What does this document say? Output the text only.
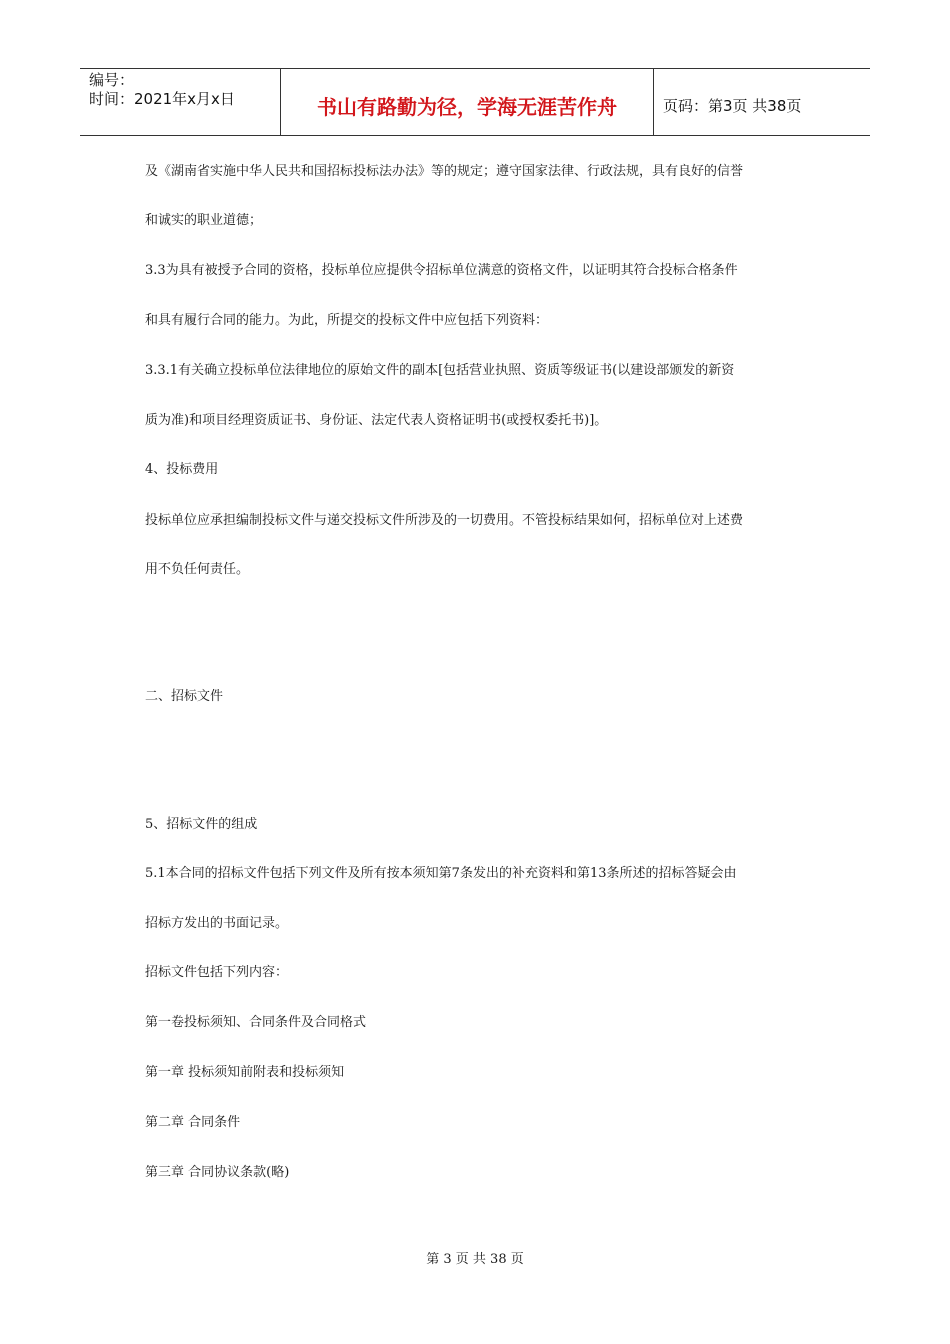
编号：
时间：2021年x月x日	书山有路勤为径，学海无涯苦作舟	页码：第3页 共38页
及《湖南省实施中华人民共和国招标投标法办法》等的规定；遵守国家法律、行政法规，具有良好的信誉
和诚实的职业道德；
3.3为具有被授予合同的资格，投标单位应提供令招标单位满意的资格文件，以证明其符合投标合格条件
和具有履行合同的能力。为此，所提交的投标文件中应包括下列资料：
3.3.1有关确立投标单位法律地位的原始文件的副本[包括营业执照、资质等级证书(以建设部颁发的新资
质为准)和项目经理资质证书、身份证、法定代表人资格证明书(或授权委托书)]。
4、投标费用
投标单位应承担编制投标文件与递交投标文件所涉及的一切费用。不管投标结果如何，招标单位对上述费
用不负任何责任。
二、招标文件
5、招标文件的组成
5.1本合同的招标文件包括下列文件及所有按本须知第7条发出的补充资料和第13条所述的招标答疑会由
招标方发出的书面记录。
招标文件包括下列内容：
第一卷投标须知、合同条件及合同格式
第一章 投标须知前附表和投标须知
第二章 合同条件
第三章 合同协议条款(略)
第 3 页 共 38 页
